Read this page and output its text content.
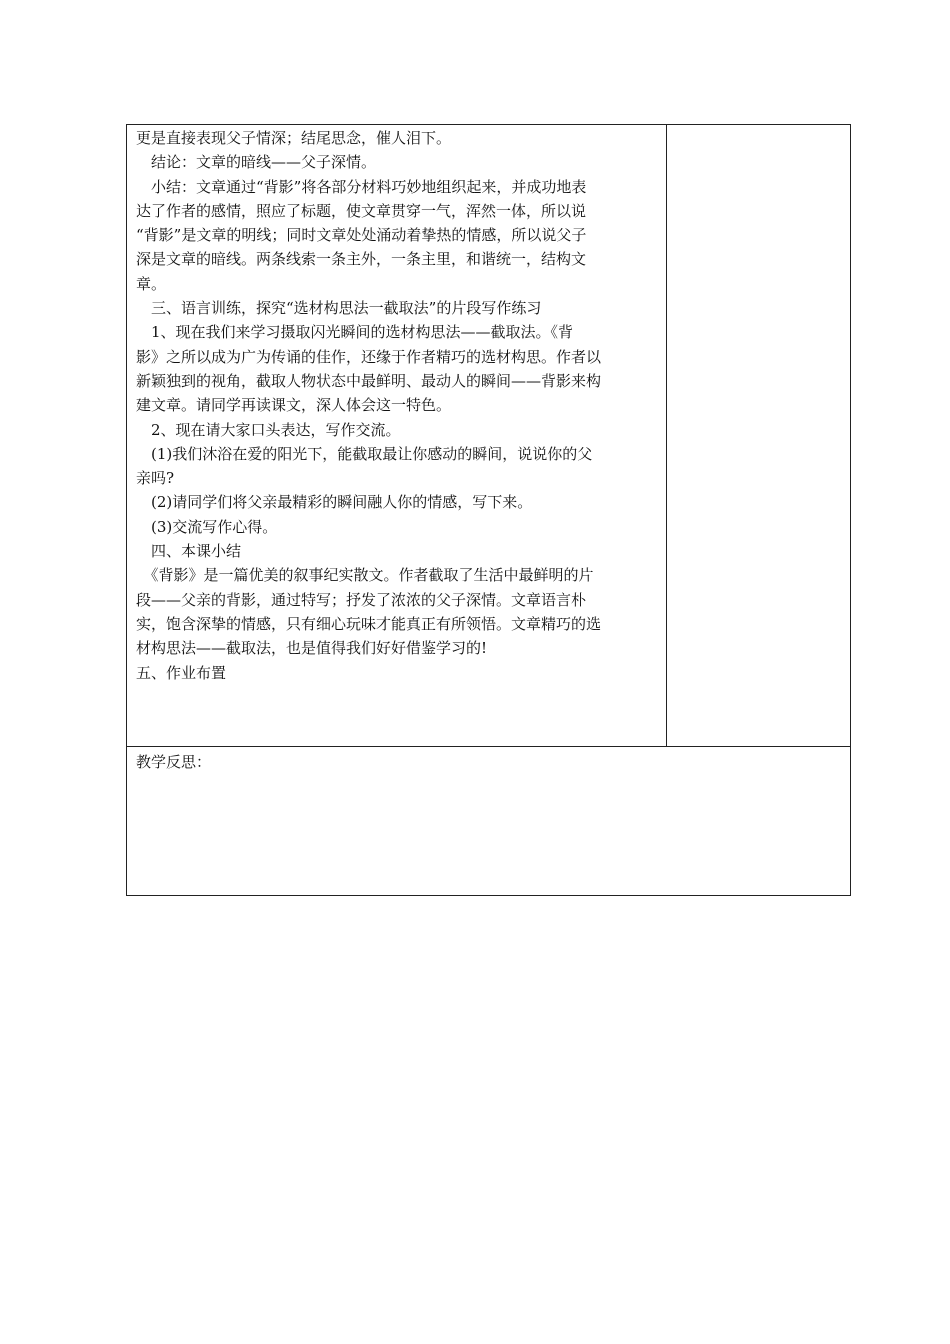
更是直接表现父子情深；结尾思念，催人泪下。
　结论：文章的暗线——父子深情。
　小结：文章通过“背影”将各部分材料巧妙地组织起来，并成功地表
达了作者的感情，照应了标题，使文章贯穿一气，浑然一体，所以说
“背影”是文章的明线；同时文章处处涌动着挚热的情感，所以说父子
深是文章的暗线。两条线索一条主外，一条主里，和谐统一，结构文
章。
　三、语言训练，探究“选材构思法一截取法”的片段写作练习
　1、现在我们来学习摄取闪光瞬间的选材构思法——截取法。《背
影》之所以成为广为传诵的佳作，还缘于作者精巧的选材构思。作者以
新颖独到的视角，截取人物状态中最鲜明、最动人的瞬间——背影来构
建文章。请同学再读课文，深人体会这一特色。
　2、现在请大家口头表达，写作交流。
　(1)我们沐浴在爱的阳光下，能截取最让你感动的瞬间，说说你的父
亲吗?
　(2)请同学们将父亲最精彩的瞬间融人你的情感，写下来。
　(3)交流写作心得。
　四、本课小结
　《背影》是一篇优美的叙事纪实散文。作者截取了生活中最鲜明的片
段——父亲的背影，通过特写；抒发了浓浓的父子深情。文章语言朴
实，饱含深挚的情感，只有细心玩味才能真正有所领悟。文章精巧的选
材构思法——截取法，也是值得我们好好借鉴学习的!
五、作业布置
教学反思：
